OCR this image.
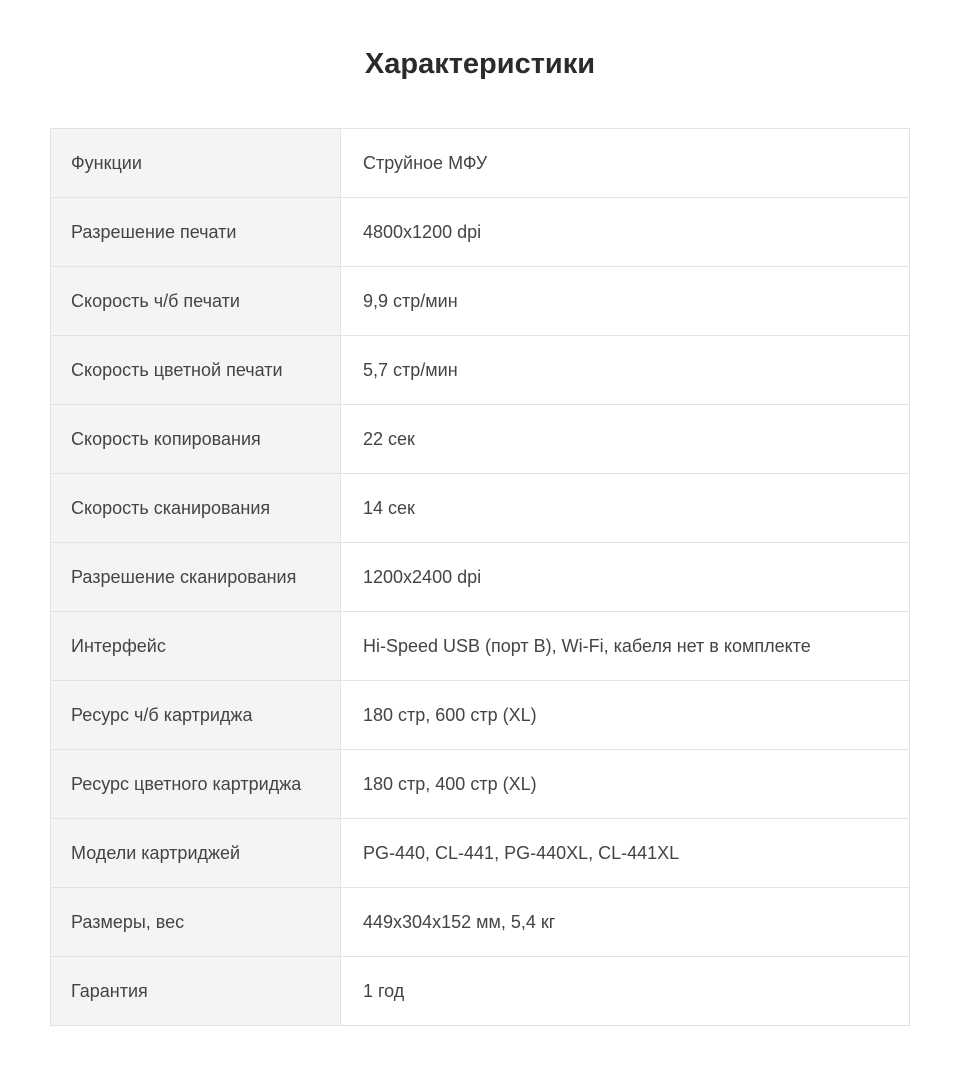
Характеристики
Функции	Струйное МФУ
Разрешение печати	4800x1200 dpi
Скорость ч/б печати	9,9 стр/мин
Скорость цветной печати	5,7 стр/мин
Скорость копирования	22 сек
Скорость сканирования	14 сек
Разрешение сканирования	1200x2400 dpi
Интерфейс	Hi-Speed USB (порт B), Wi-Fi, кабеля нет в комплекте
Ресурс ч/б картриджа	180 стр, 600 стр (XL)
Ресурс цветного картриджа	180 стр, 400 стр (XL)
Модели картриджей	PG-440, CL-441, PG-440XL, CL-441XL
Размеры, вес	449x304x152 мм, 5,4 кг
Гарантия	1 год
